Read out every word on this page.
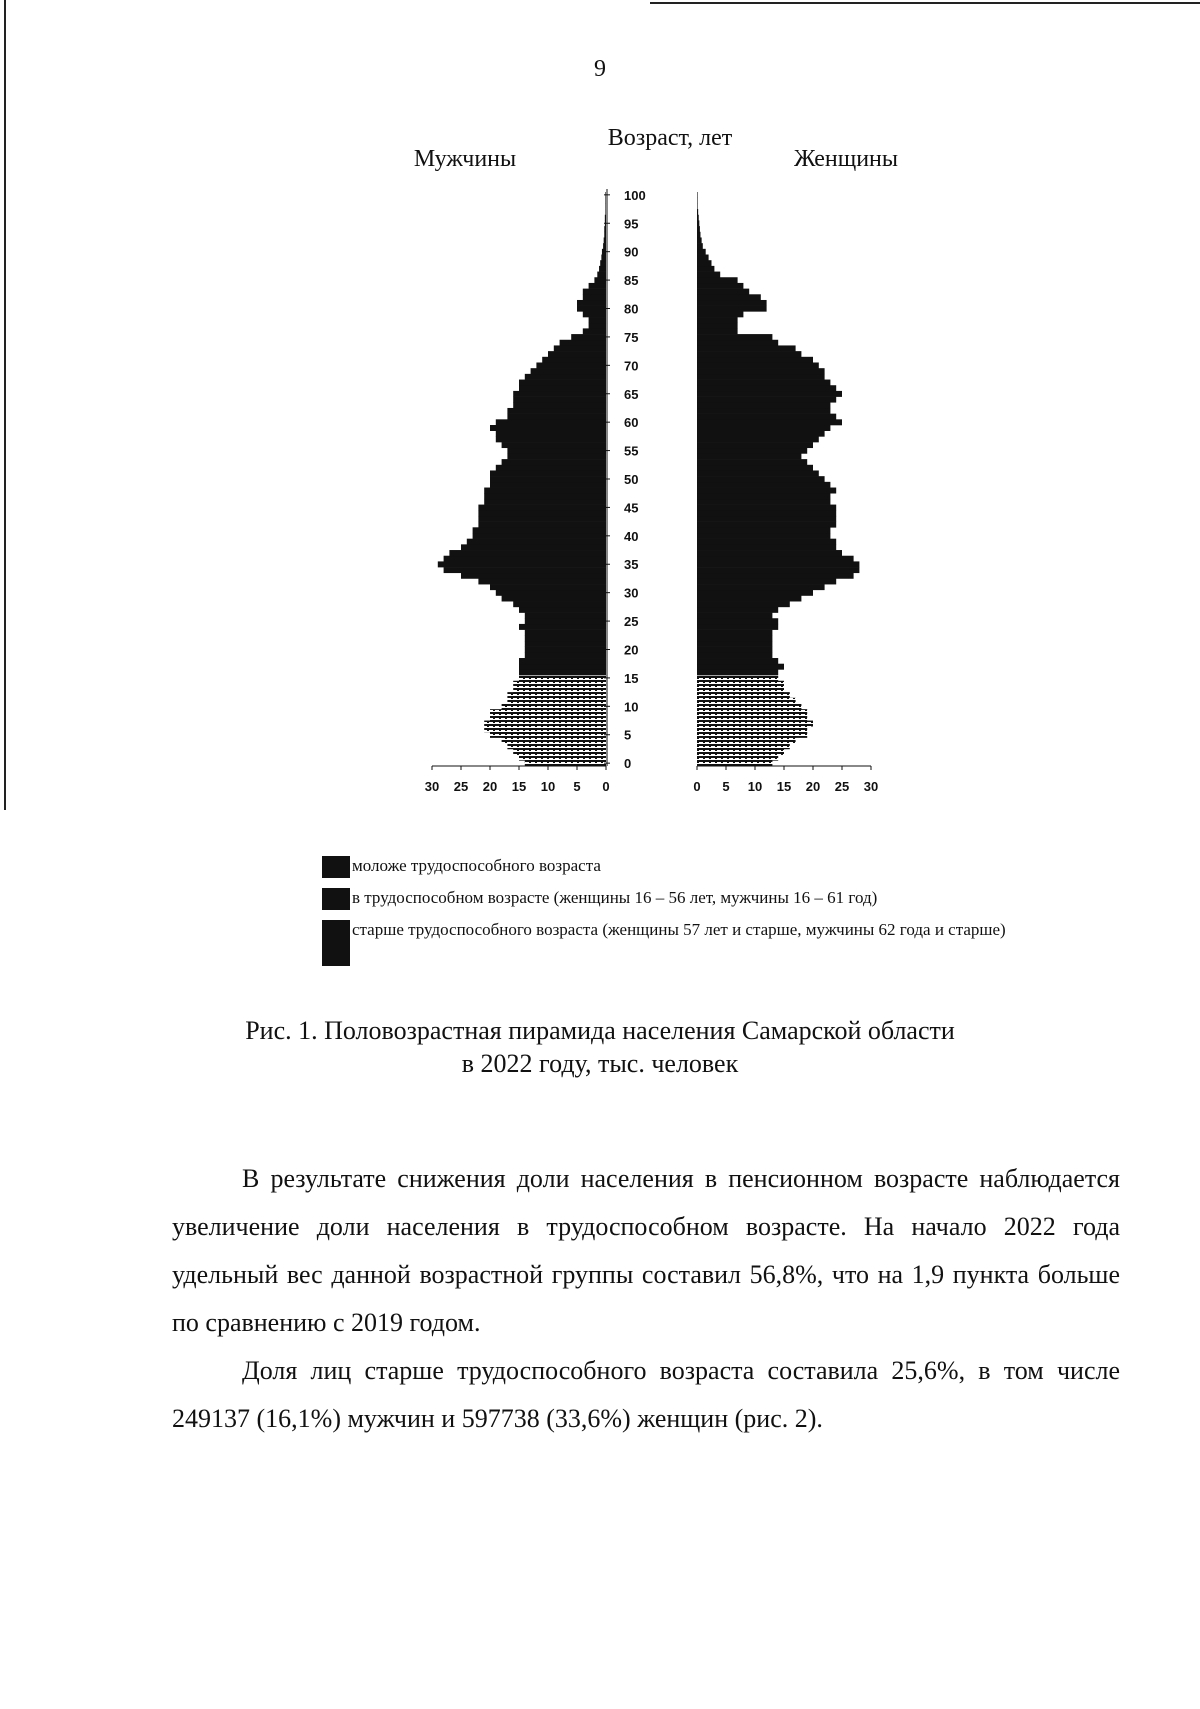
9
0
5
10
15
20
25
30
35
40
45
50
55
60
65
70
75
80
85
90
95
100
30 25 20 15 10 5 0	0 5 10 15 20 25 30
Возраст, лет
Мужчины	Женщины
моложе трудоспособного возраста
в трудоспособном возрасте (женщины 16 – 56 лет, мужчины 16 – 61 год)
старше трудоспособного возраста (женщины 57 лет и старше, мужчины 62 года и старше)
Рис. 1. Половозрастная пирамида населения Самарской области
в 2022 году, тыс. человек

В результате снижения доли населения в пенсионном возрасте наблюдается увеличение доли населения в трудоспособном возрасте. На начало 2022 года удельный вес данной возрастной группы составил 56,8%, что на 1,9 пункта больше по сравнению с 2019 годом.

Доля лиц старше трудоспособного возраста составила 25,6%, в том числе 249137 (16,1%) мужчин и 597738 (33,6%) женщин (рис. 2).
